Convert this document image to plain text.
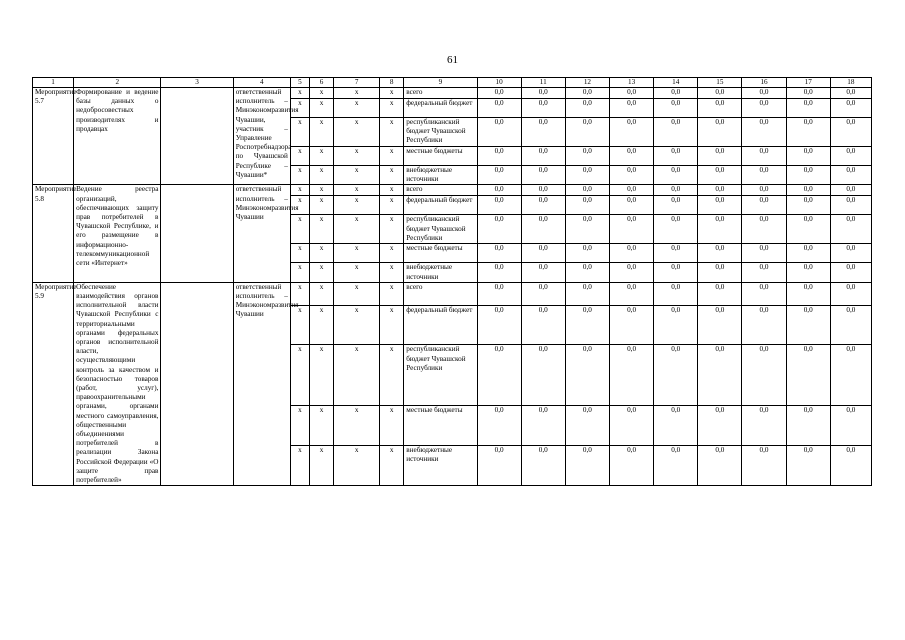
61
1	2	3	4	5	6	7	8	9	10	11	12	13	14	15	16	17	18
Мероприятие 5.7	Формирование и ведение базы данных о недобросовестных производителях и продавцах		ответственный исполнитель – Минэкономразвития Чувашии, участник – Управление Роспотребнадзора по Чувашской Республике – Чувашии*	x	x	x	x	всего	0,0	0,0	0,0	0,0	0,0	0,0	0,0	0,0	0,0
				x	x	x	x	федеральный бюджет	0,0	0,0	0,0	0,0	0,0	0,0	0,0	0,0	0,0
				x	x	x	x	республиканский бюджет Чувашской Республики	0,0	0,0	0,0	0,0	0,0	0,0	0,0	0,0	0,0
				x	x	x	x	местные бюджеты	0,0	0,0	0,0	0,0	0,0	0,0	0,0	0,0	0,0
				x	x	x	x	внебюджетные источники	0,0	0,0	0,0	0,0	0,0	0,0	0,0	0,0	0,0
Мероприятие 5.8	Ведение реестра организаций, обеспечивающих защиту прав потребителей в Чувашской Республике, и его размещение в информационно-телекоммуникационной сети «Интернет»		ответственный исполнитель – Минэкономразвития Чувашии	x	x	x	x	всего	0,0	0,0	0,0	0,0	0,0	0,0	0,0	0,0	0,0
				x	x	x	x	федеральный бюджет	0,0	0,0	0,0	0,0	0,0	0,0	0,0	0,0	0,0
				x	x	x	x	республиканский бюджет Чувашской Республики	0,0	0,0	0,0	0,0	0,0	0,0	0,0	0,0	0,0
				x	x	x	x	местные бюджеты	0,0	0,0	0,0	0,0	0,0	0,0	0,0	0,0	0,0
				x	x	x	x	внебюджетные источники	0,0	0,0	0,0	0,0	0,0	0,0	0,0	0,0	0,0
Мероприятие 5.9	Обеспечение взаимодействия органов исполнительной власти Чувашской Республики с территориальными органами федеральных органов исполнительной власти, осуществляющими контроль за качеством и безопасностью товаров (работ, услуг), правоохранительными органами, органами местного самоуправления, общественными объединениями потребителей в реализации Закона Российской Федерации «О защите прав потребителей»		ответственный исполнитель – Минэкономразвития Чувашии	x	x	x	x	всего	0,0	0,0	0,0	0,0	0,0	0,0	0,0	0,0	0,0
				x	x	x	x	федеральный бюджет	0,0	0,0	0,0	0,0	0,0	0,0	0,0	0,0	0,0
				x	x	x	x	республиканский бюджет Чувашской Республики	0,0	0,0	0,0	0,0	0,0	0,0	0,0	0,0	0,0
				x	x	x	x	местные бюджеты	0,0	0,0	0,0	0,0	0,0	0,0	0,0	0,0	0,0
				x	x	x	x	внебюджетные источники	0,0	0,0	0,0	0,0	0,0	0,0	0,0	0,0	0,0
